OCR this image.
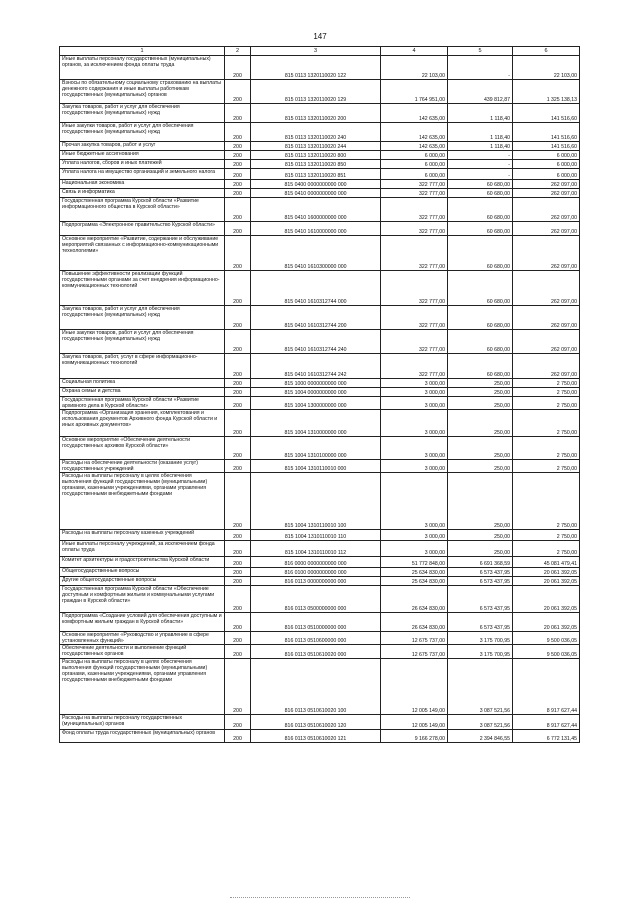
147
1	2	3	4	5	6
Иные выплаты персоналу государственных (муниципальных) органов, за исключением фонда оплаты труда	200	815 0113 1320110020 122	22 103,00	-	22 103,00
Взносы по обязательному социальному страхованию на выплаты денежного содержания и иные выплаты работникам государственных (муниципальных) органов	200	815 0113 1320110020 129	1 764 951,00	439 812,87	1 325 138,13
Закупка товаров, работ и услуг для обеспечения государственных (муниципальных) нужд	200	815 0113 1320110020 200	142 635,00	1 118,40	141 516,60
Иные закупки товаров, работ и услуг для обеспечения государственных (муниципальных) нужд	200	815 0113 1320110020 240	142 635,00	1 118,40	141 516,60
Прочая закупка товаров, работ и услуг	200	815 0113 1320110020 244	142 635,00	1 118,40	141 516,60
Иные бюджетные ассигнования	200	815 0113 1320110020 800	6 000,00	-	6 000,00
Уплата налогов, сборов и иных платежей	200	815 0113 1320110020 850	6 000,00	-	6 000,00
Уплата налога на имущество организаций и земельного налога	200	815 0113 1320110020 851	6 000,00	-	6 000,00
Национальная экономика	200	815 0400 0000000000 000	322 777,00	60 680,00	262 097,00
Связь и информатика	200	815 0410 0000000000 000	322 777,00	60 680,00	262 097,00
Государственная программа Курской области «Развитие информационного общества в Курской области»	200	815 0410 1600000000 000	322 777,00	60 680,00	262 097,00
Подпрограмма «Электронное правительство Курской области»	200	815 0410 1610000000 000	322 777,00	60 680,00	262 097,00
Основное мероприятие «Развитие, содержание и обслуживание мероприятий связанных с информационно-коммуникационными технологиями»	200	815 0410 1610300000 000	322 777,00	60 680,00	262 097,00
Повышение эффективности реализации функций государственными органами за счет внедрения информационно-коммуникационных технологий	200	815 0410 1610312744 000	322 777,00	60 680,00	262 097,00
Закупка товаров, работ и услуг для обеспечения государственных (муниципальных) нужд	200	815 0410 1610312744 200	322 777,00	60 680,00	262 097,00
Иные закупки товаров, работ и услуг для обеспечения государственных (муниципальных) нужд	200	815 0410 1610312744 240	322 777,00	60 680,00	262 097,00
Закупка товаров, работ, услуг в сфере информационно-коммуникационных технологий	200	815 0410 1610312744 242	322 777,00	60 680,00	262 097,00
Социальная политика	200	815 1000 0000000000 000	3 000,00	250,00	2 750,00
Охрана семьи и детства	200	815 1004 0000000000 000	3 000,00	250,00	2 750,00
Государственная программа Курской области «Развитие архивного дела в Курской области»	200	815 1004 1300000000 000	3 000,00	250,00	2 750,00
Подпрограмма «Организация хранения, комплектования и использования документов Архивного фонда Курской области и иных архивных документов»	200	815 1004 1310000000 000	3 000,00	250,00	2 750,00
Основное мероприятие «Обеспечение деятельности государственных архивов Курской области»	200	815 1004 1310100000 000	3 000,00	250,00	2 750,00
Расходы на обеспечение деятельности (оказание услуг) государственных учреждений	200	815 1004 1310110010 000	3 000,00	250,00	2 750,00
Расходы на выплаты персоналу в целях обеспечения выполнения функций государственными (муниципальными) органами, казенными учреждениями, органами управления государственными внебюджетными фондами	200	815 1004 1310110010 100	3 000,00	250,00	2 750,00
Расходы на выплаты персоналу казенных учреждений	200	815 1004 1310110010 110	3 000,00	250,00	2 750,00
Иные выплаты персоналу учреждений, за исключением фонда оплаты труда	200	815 1004 1310110010 112	3 000,00	250,00	2 750,00
Комитет архитектуры и градостроительства Курской области	200	816 0000 0000000000 000	51 772 848,00	6 691 368,59	45 081 479,41
Общегосударственные вопросы	200	816 0100 0000000000 000	25 634 830,00	6 573 437,95	20 061 392,05
Другие общегосударственные вопросы	200	816 0113 0000000000 000	25 634 830,00	6 573 437,95	20 061 392,05
Государственная программа Курской области «Обеспечение доступным и комфортным жильем и коммунальными услугами граждан в Курской области»	200	816 0113 0500000000 000	26 634 830,00	6 573 437,95	20 061 392,05
Подпрограмма «Создание условий для обеспечения доступным и комфортным жильем граждан в Курской области»	200	816 0113 0510000000 000	26 634 830,00	6 573 437,95	20 061 392,05
Основное мероприятие «Руководство и управление в сфере установленных функций»	200	816 0113 0510600000 000	12 675 737,00	3 175 700,95	9 500 036,05
Обеспечение деятельности и выполнение функций государственных органов	200	816 0113 0510610020 000	12 675 737,00	3 175 700,95	9 500 036,05
Расходы на выплаты персоналу в целях обеспечения выполнения функций государственными (муниципальными) органами, казенными учреждениями, органами управления государственными внебюджетными фондами	200	816 0113 0510610020 100	12 005 149,00	3 087 521,56	8 917 627,44
Расходы на выплаты персоналу государственных (муниципальных) органов	200	816 0113 0510610020 120	12 005 149,00	3 087 521,56	8 917 627,44
Фонд оплаты труда государственных (муниципальных) органов	200	816 0113 0510610020 121	9 166 278,00	2 394 846,55	6 772 131,45
